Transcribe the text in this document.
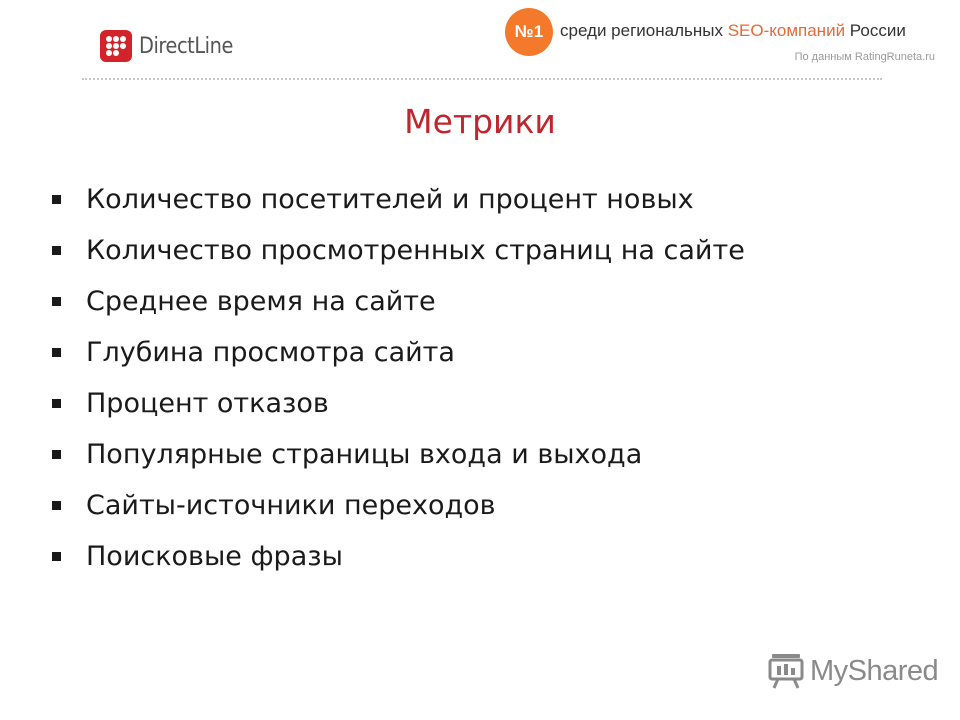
DirectLine
№1 среди региональных SEO-компаний России
По данным RatingRuneta.ru
Метрики
Количество посетителей и процент новых
Количество просмотренных страниц на сайте
Среднее время на сайте
Глубина просмотра сайта
Процент отказов
Популярные страницы входа и выхода
Сайты-источники переходов
Поисковые фразы
MyShared
